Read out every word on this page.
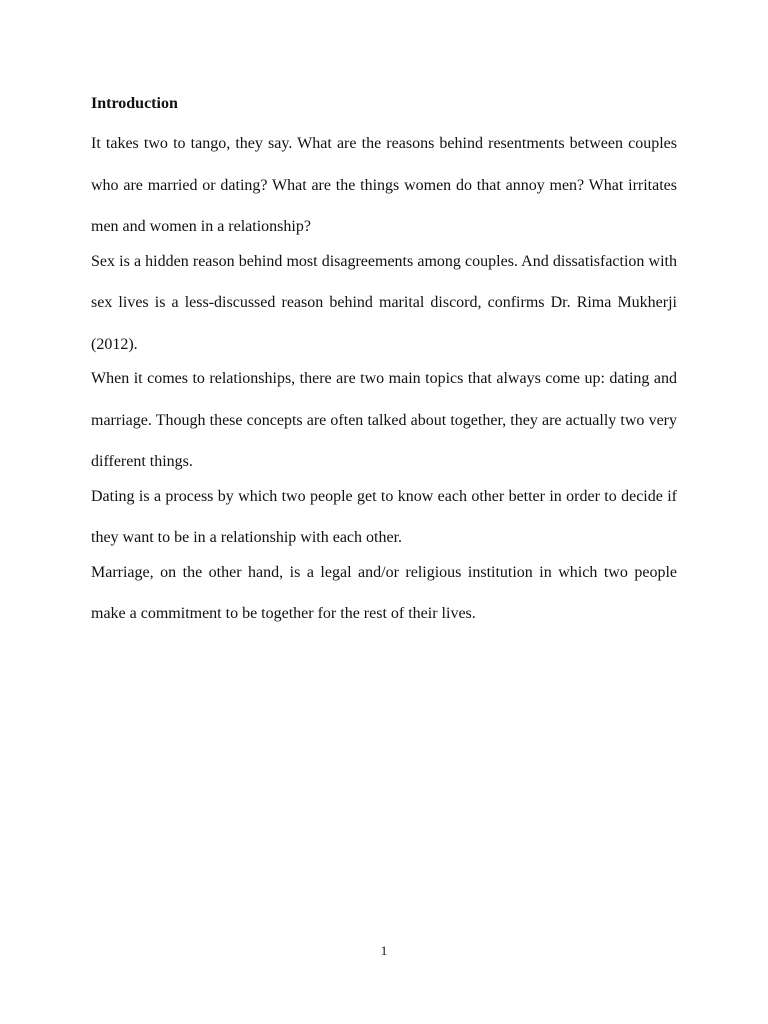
Introduction

It takes two to tango, they say. What are the reasons behind resentments between couples who are married or dating? What are the things women do that annoy men? What irritates men and women in a relationship?

Sex is a hidden reason behind most disagreements among couples. And dissatisfaction with sex lives is a less-discussed reason behind marital discord, confirms Dr. Rima Mukherji (2012).

When it comes to relationships, there are two main topics that always come up: dating and marriage. Though these concepts are often talked about together, they are actually two very different things.

Dating is a process by which two people get to know each other better in order to decide if they want to be in a relationship with each other.

Marriage, on the other hand, is a legal and/or religious institution in which two people make a commitment to be together for the rest of their lives.

1
